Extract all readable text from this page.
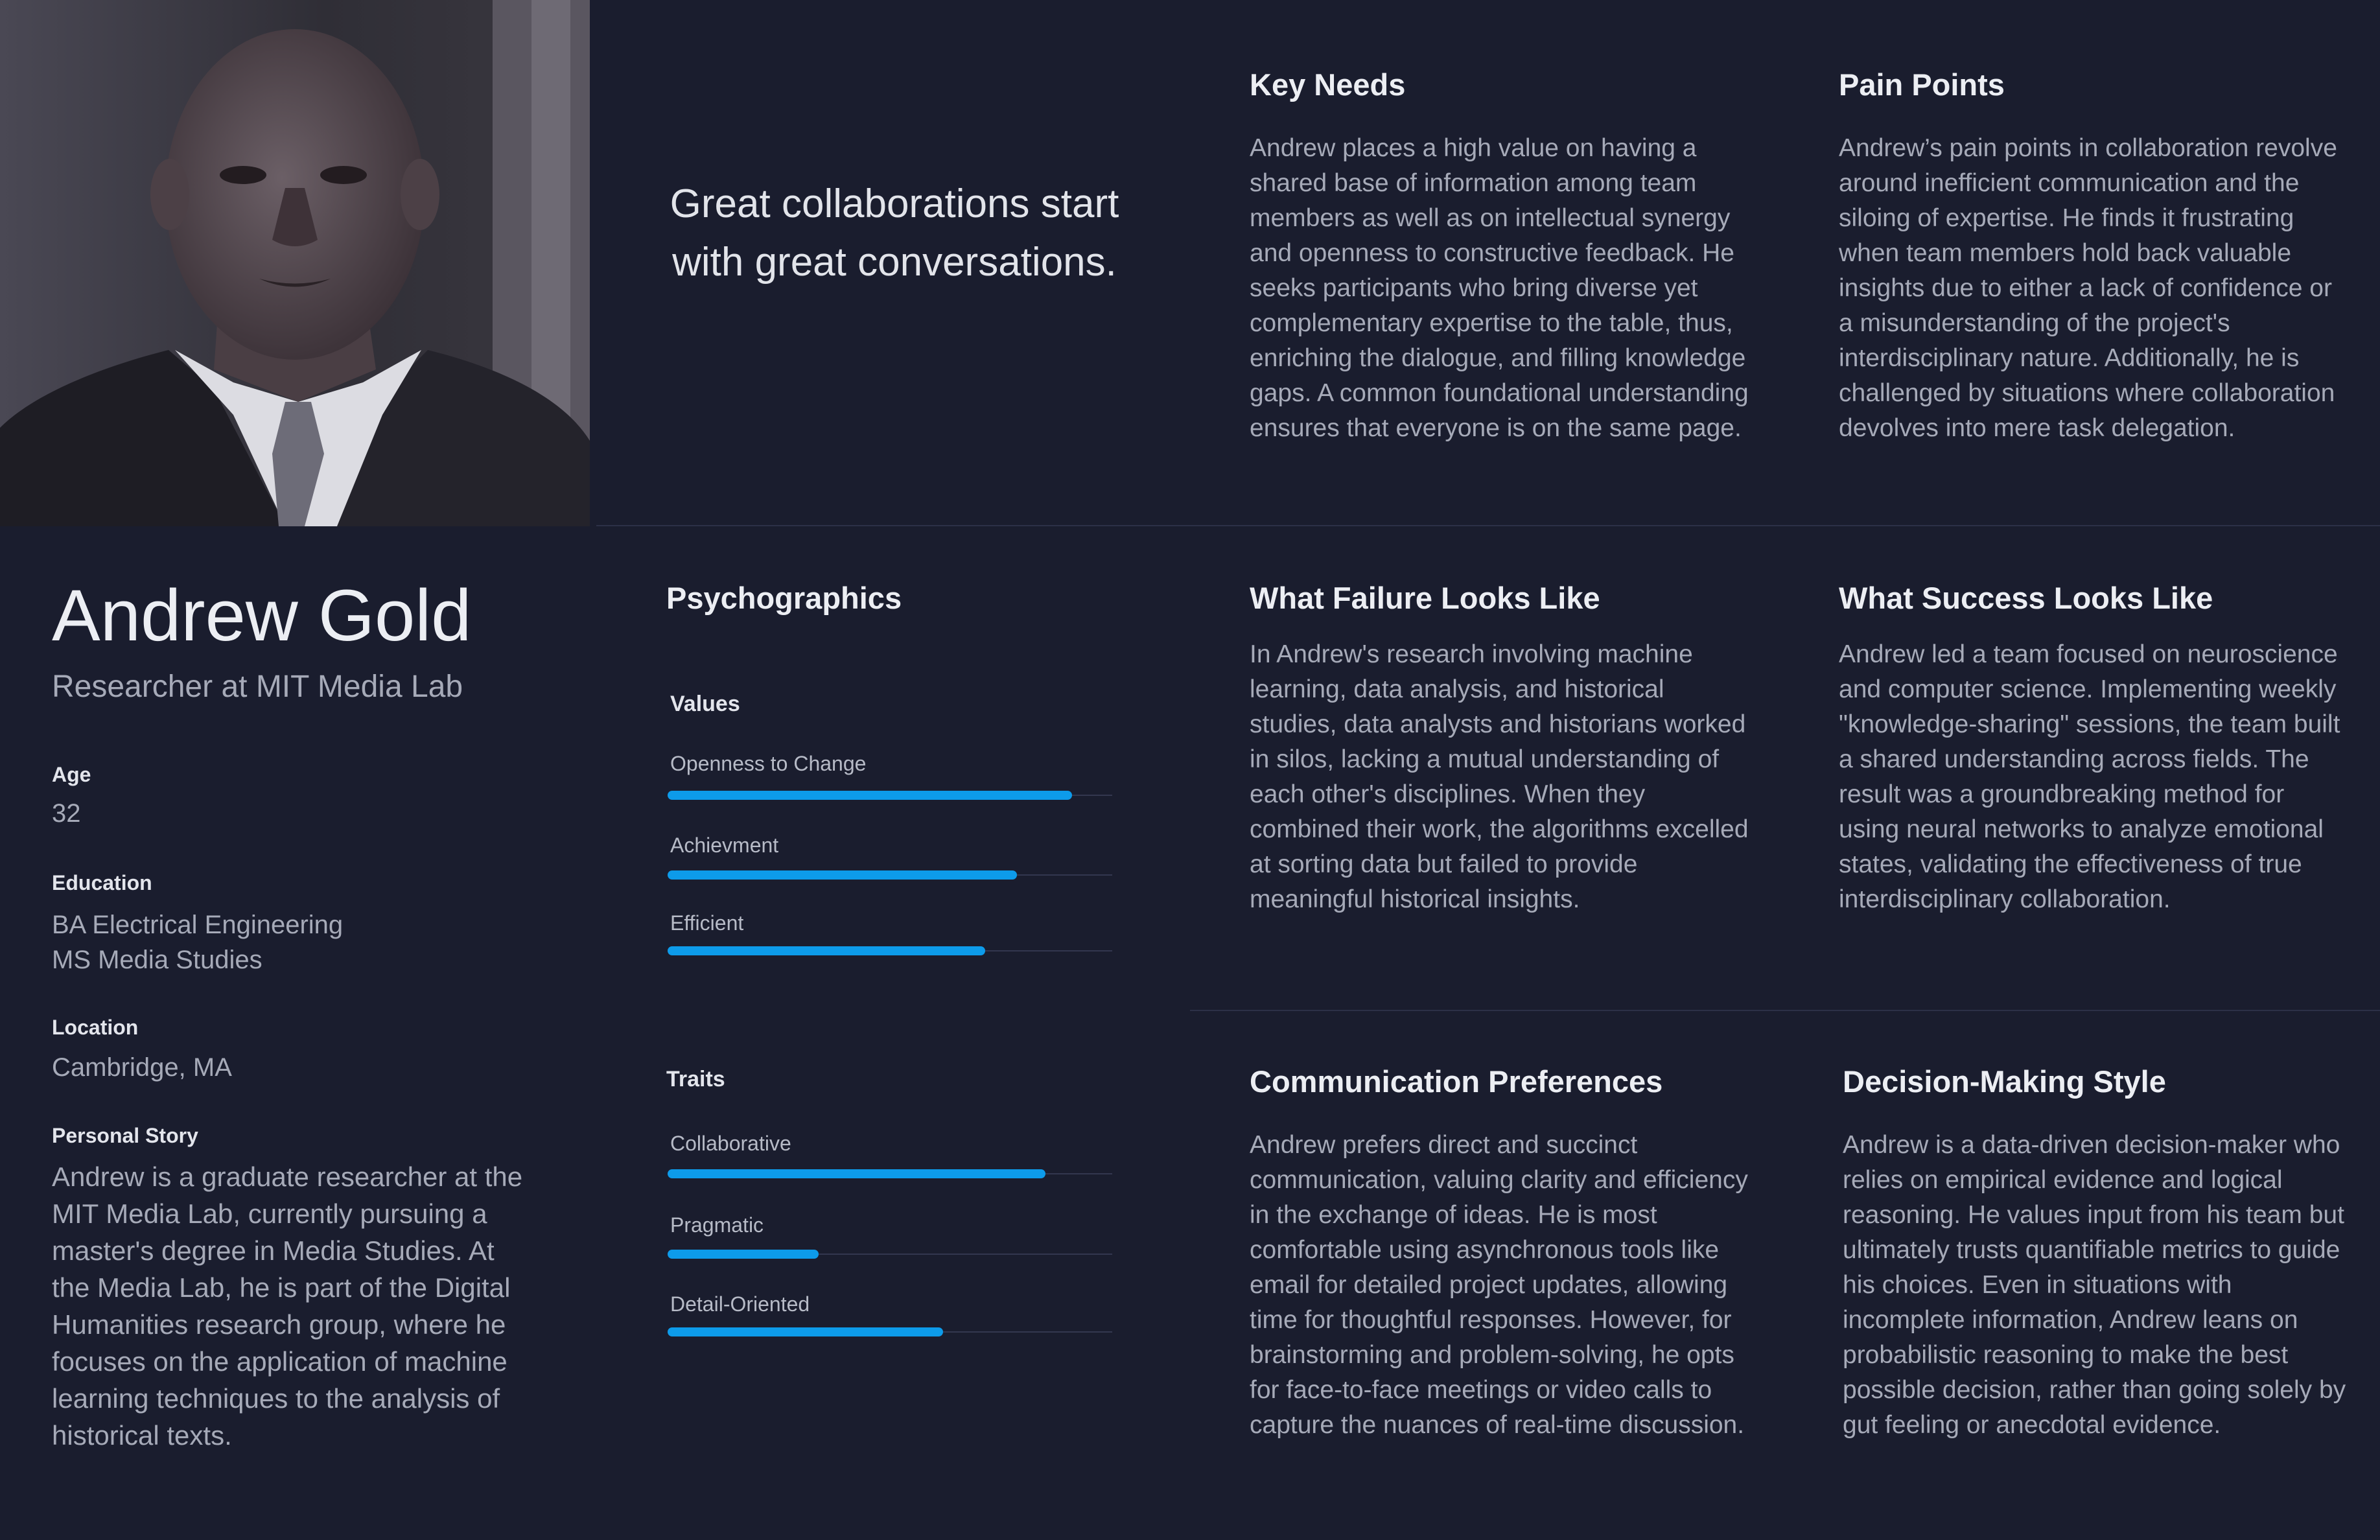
Great collaborations start with great conversations.
Key Needs
Andrew places a high value on having a shared base of information among team members as well as on intellectual synergy and openness to constructive feedback. He seeks participants who bring diverse yet complementary expertise to the table, thus, enriching the dialogue, and filling knowledge gaps. A common foundational understanding ensures that everyone is on the same page.
Pain Points
Andrew’s pain points in collaboration revolve around inefficient communication and the siloing of expertise. He finds it frustrating when team members hold back valuable insights due to either a lack of confidence or a misunderstanding of the project's interdisciplinary nature. Additionally, he is challenged by situations where collaboration devolves into mere task delegation.
Andrew Gold
Researcher at MIT Media Lab
Age
32
Education
BA Electrical Engineering
MS Media Studies
Location
Cambridge, MA
Personal Story
Andrew is a graduate researcher at the MIT Media Lab, currently pursuing a master's degree in Media Studies. At the Media Lab, he is part of the Digital Humanities research group, where he focuses on the application of machine learning techniques to the analysis of historical texts.
Psychographics
Values
Openness to Change
Achievment
Efficient
Traits
Collaborative
Pragmatic
Detail-Oriented
What Failure Looks Like
In Andrew's research involving machine learning, data analysis, and historical studies, data analysts and historians worked in silos, lacking a mutual understanding of each other's disciplines. When they combined their work, the algorithms excelled at sorting data but failed to provide meaningful historical insights.
What Success Looks Like
Andrew led a team focused on neuroscience and computer science. Implementing weekly "knowledge-sharing" sessions, the team built a shared understanding across fields. The result was a groundbreaking method for using neural networks to analyze emotional states, validating the effectiveness of true interdisciplinary collaboration.
Communication Preferences
Andrew prefers direct and succinct communication, valuing clarity and efficiency in the exchange of ideas. He is most comfortable using asynchronous tools like email for detailed project updates, allowing time for thoughtful responses. However, for brainstorming and problem-solving, he opts for face-to-face meetings or video calls to capture the nuances of real-time discussion.
Decision-Making Style
Andrew is a data-driven decision-maker who relies on empirical evidence and logical reasoning. He values input from his team but ultimately trusts quantifiable metrics to guide his choices. Even in situations with incomplete information, Andrew leans on probabilistic reasoning to make the best possible decision, rather than going solely by gut feeling or anecdotal evidence.
